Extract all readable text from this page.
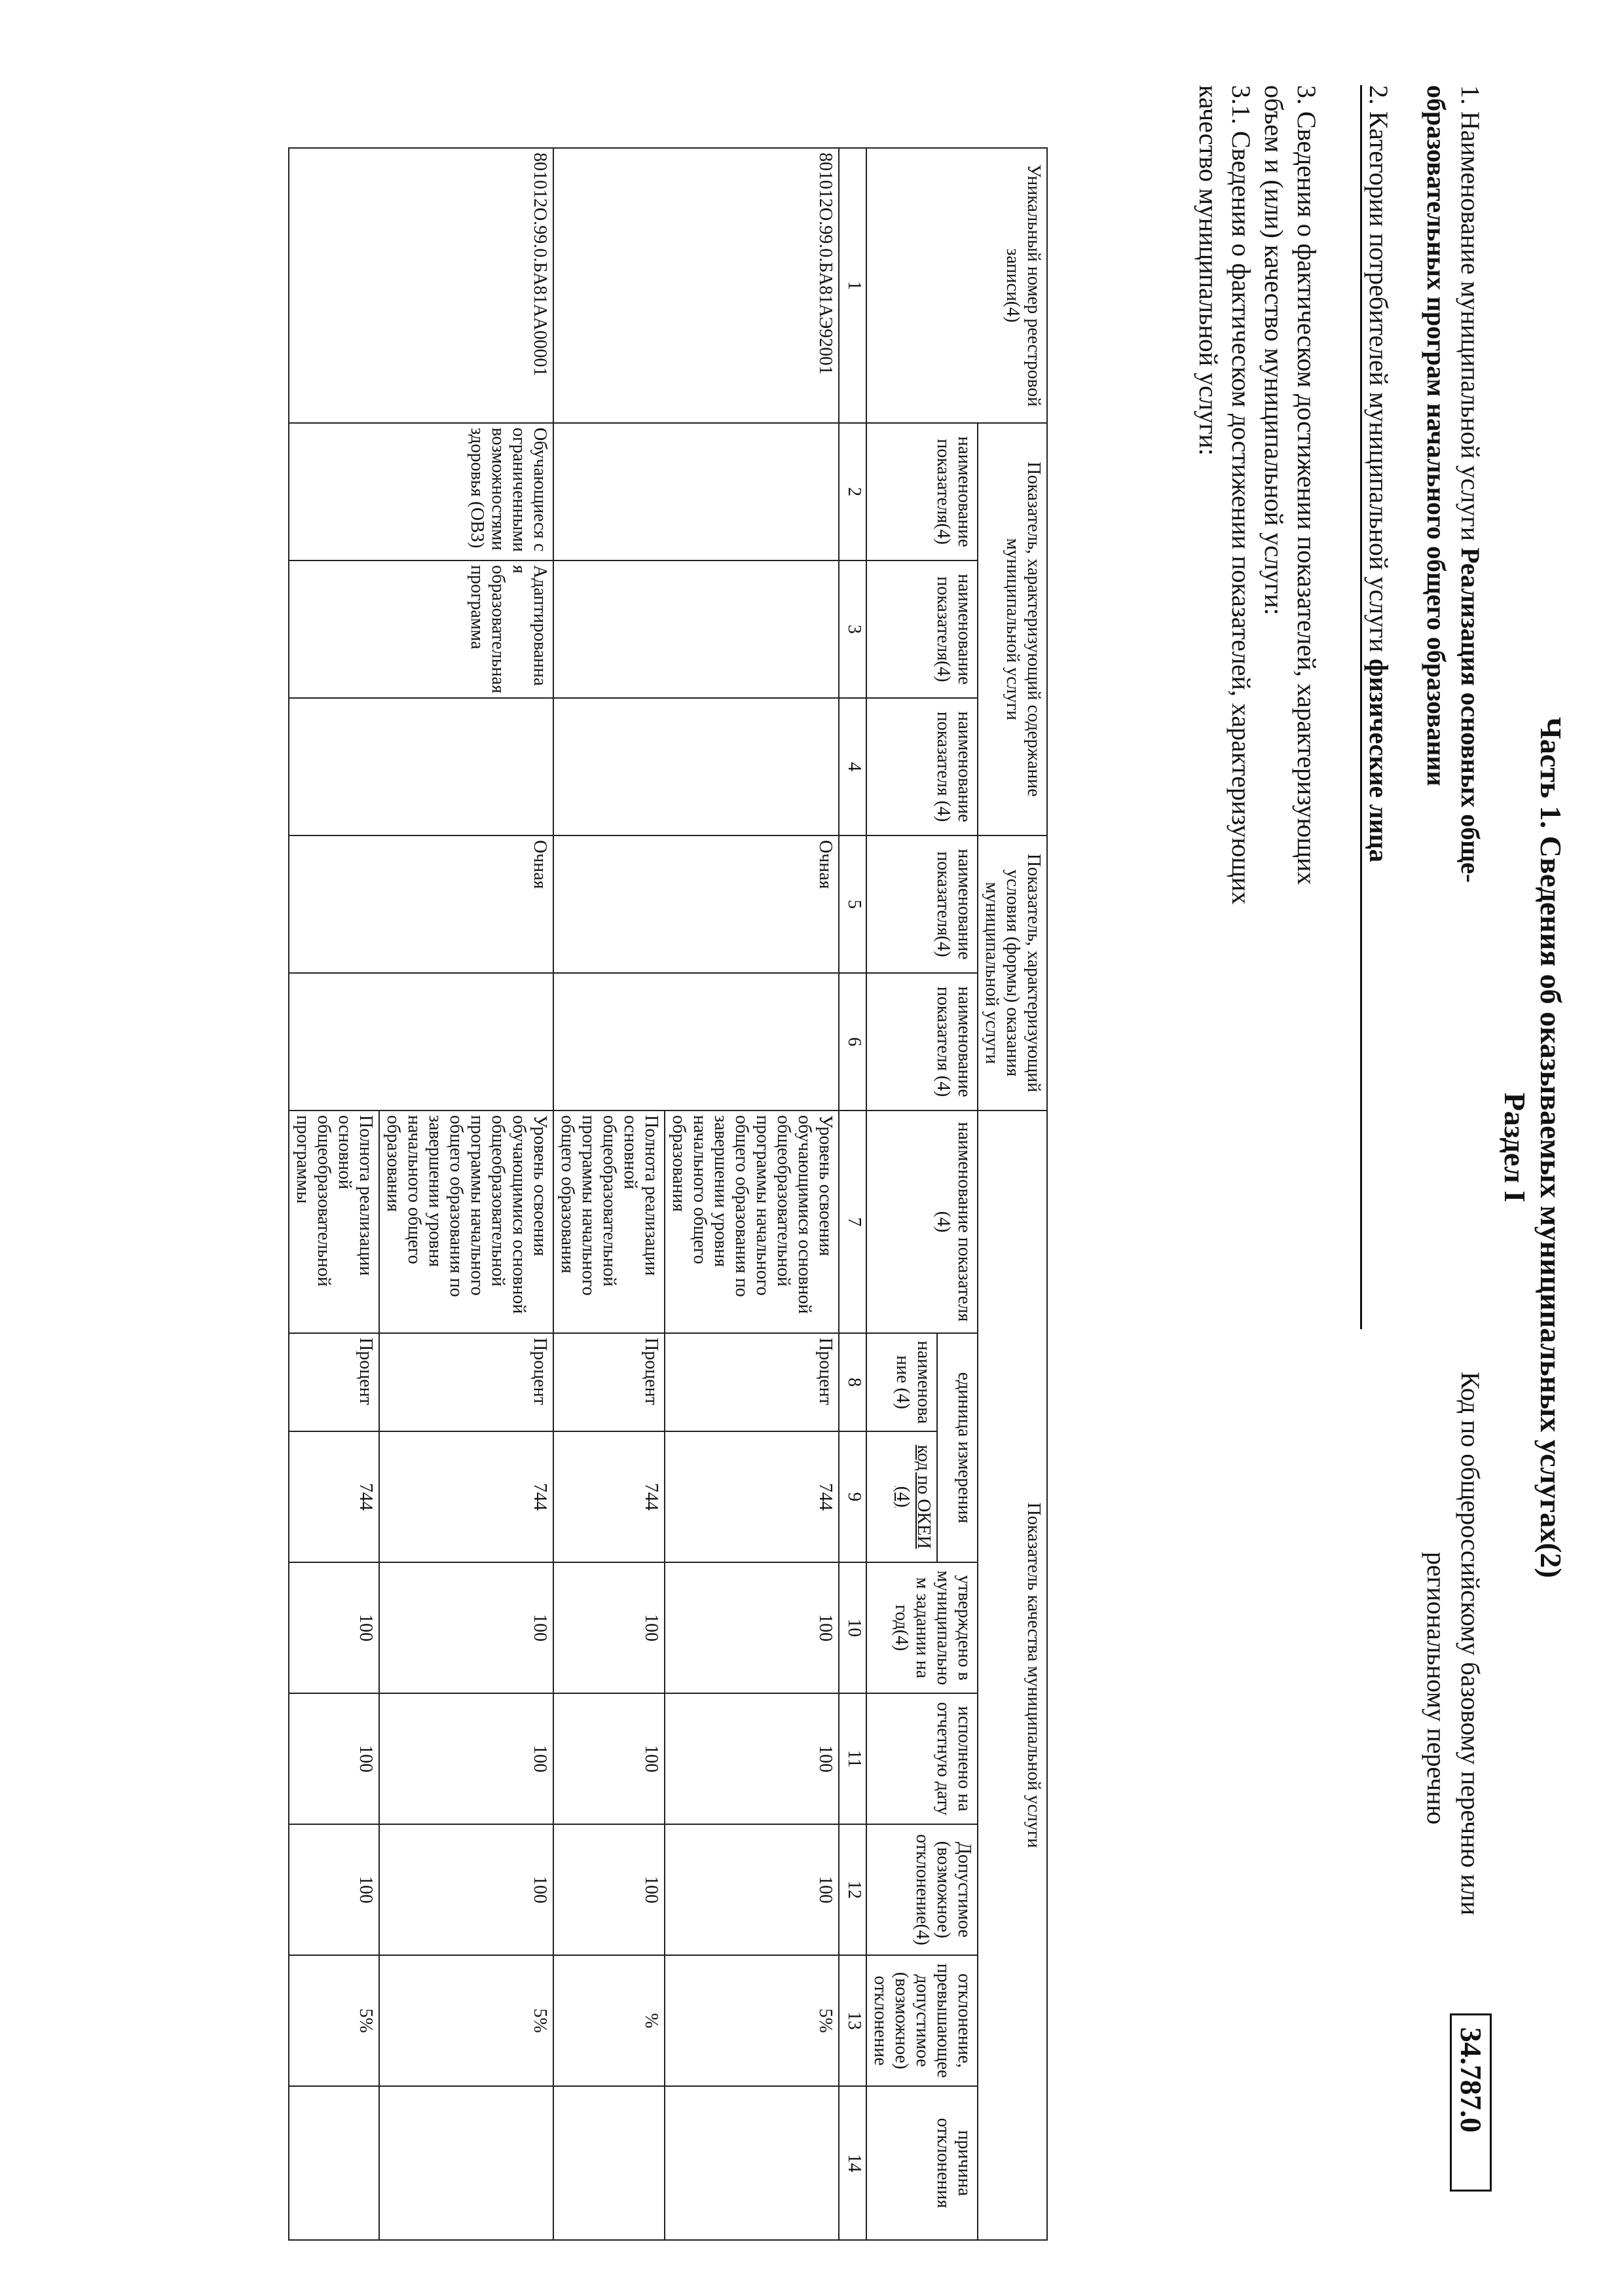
Часть 1. Сведения об оказываемых муниципальных услугах(2)
Раздел I
1. Наименование муниципальной услуги Реализация основных обще-
образовательных програм начального общего образовании
Код по общероссийскому базовому перечню или
региональному перечню
34.787.0
2. Категории потребителей муниципальной услуги физические лица
3. Сведения о фактическом достижении показателей, характеризующих
объем и (или) качество муниципальной услуги:
3.1. Сведения о фактическом достижении показателей, характеризующих
качество муниципальной услуги:
Уникальный номер реестровой записи(4)	Показатель, характеризующий содержание муниципальной услуги			Показатель, характеризующий условия (формы) оказания муниципальной услуги		Показатель качества муниципальной услуги							
	наименование показателя(4)	наименование показателя(4)	наименование показателя (4)	наименование показателя(4)	наименование показателя (4)	наименование показателя (4)	единица измерения		утверждено в муниципальном задании на год(4)	исполнено на отчетную дату	Допустимое (возможное) отклонение(4)	отклонение, превышающее допустимое (возможное) отклонение	причина отклонения
							наименование (4)	код по ОКЕИ (4)					
1	2	3	4	5	6	7	8	9	10	11	12	13	14
801012О.99.0.БА81АЭ92001				Очная		Уровень освоения обучающимися основной общеобразовательной программы начального общего образования по завершении уровня начального общего образования	Процент	744	100	100	100	5%	
						Полнота реализации основной общеобразовательной программы начального общего образования	Процент	744	100	100	100	%	
801012О.99.0.БА81АА00001	Обучающиеся с ограниченными возможностями здоровья (ОВЗ)	Адаптированная образовательная программа		Очная		Уровень освоения обучающимися основной общеобразовательной программы начального общего образования по завершении уровня начального общего образования	Процент	744	100	100	100	5%	
						Полнота реализации основной общеобразовательной программы	Процент	744	100	100	100	5%	
